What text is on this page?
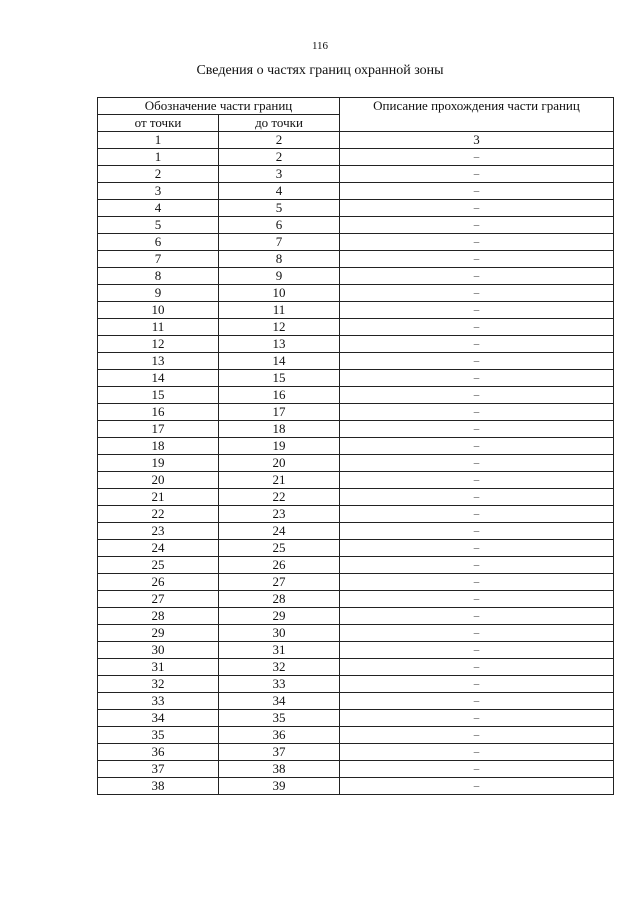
116
Сведения о частях границ охранной зоны
Обозначение части границ		Описание прохождения части границ
от точки	до точки	
1	2	3
1	2	–
2	3	–
3	4	–
4	5	–
5	6	–
6	7	–
7	8	–
8	9	–
9	10	–
10	11	–
11	12	–
12	13	–
13	14	–
14	15	–
15	16	–
16	17	–
17	18	–
18	19	–
19	20	–
20	21	–
21	22	–
22	23	–
23	24	–
24	25	–
25	26	–
26	27	–
27	28	–
28	29	–
29	30	–
30	31	–
31	32	–
32	33	–
33	34	–
34	35	–
35	36	–
36	37	–
37	38	–
38	39	–
